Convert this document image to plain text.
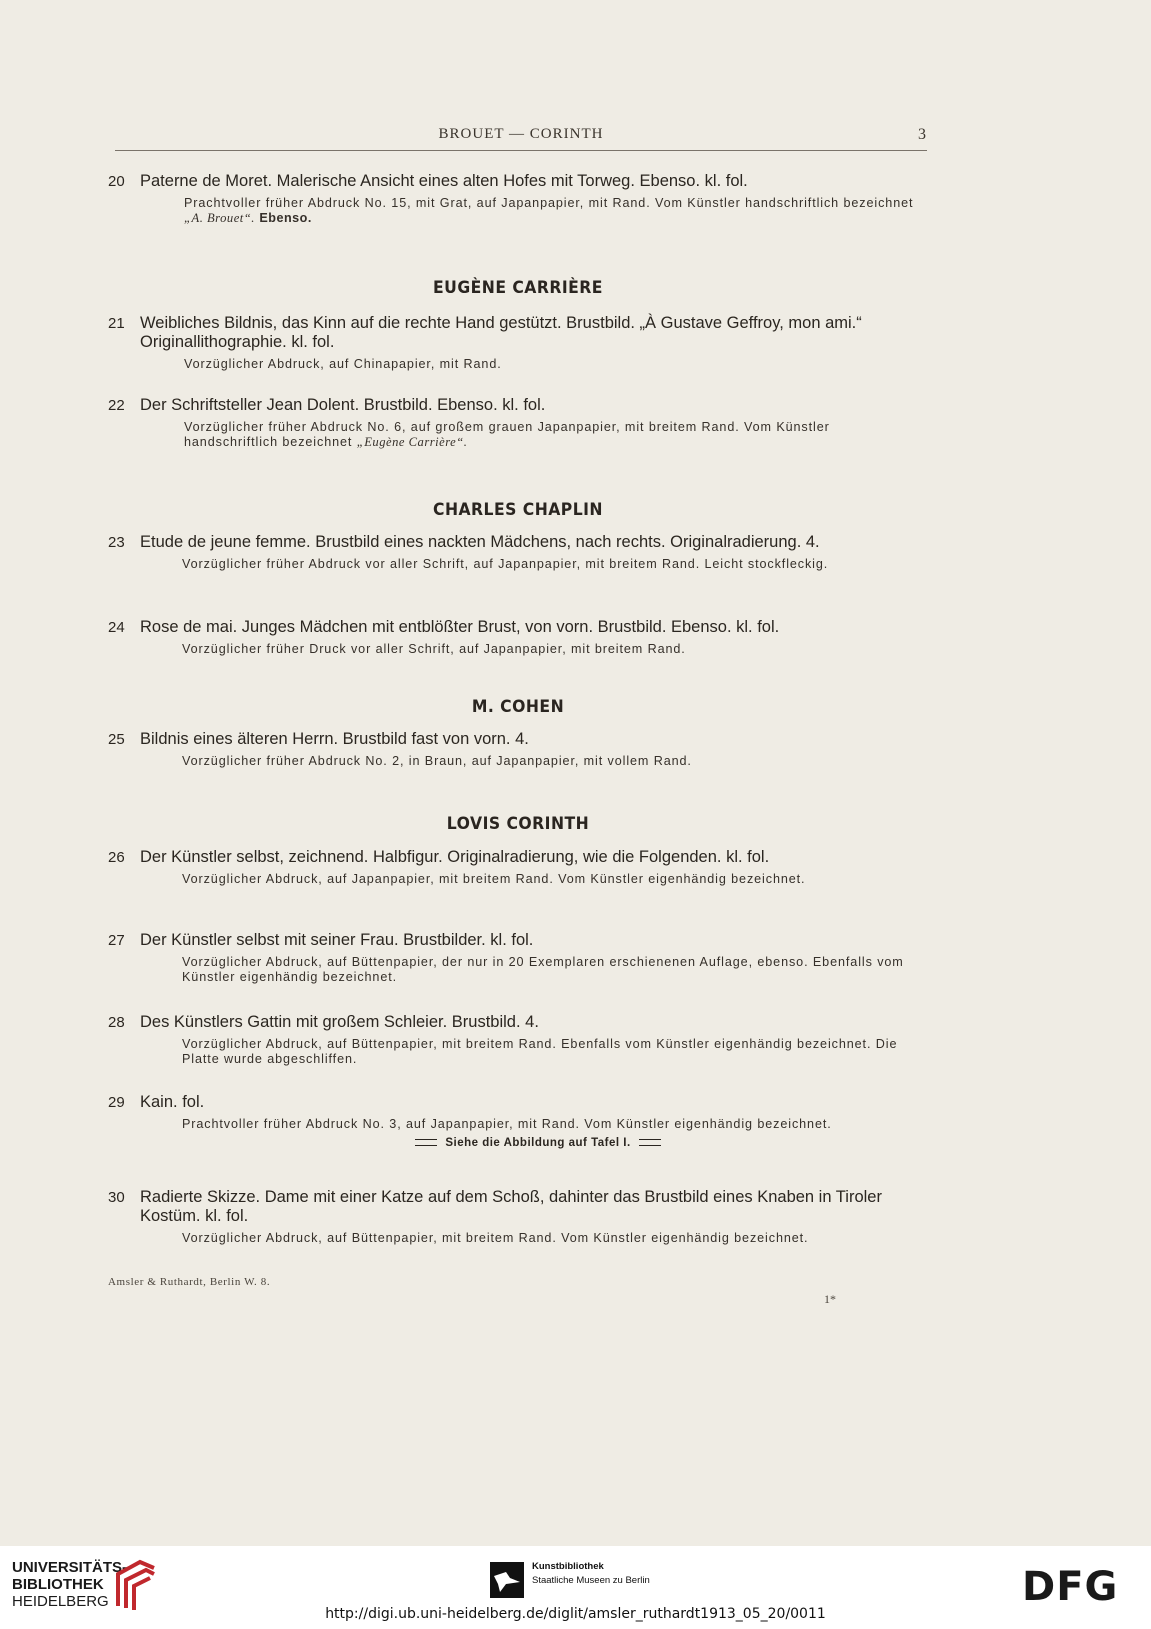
BROUET — CORINTH	3
20 Paterne de Moret. Malerische Ansicht eines alten Hofes mit Torweg. Ebenso. kl. fol.
Prachtvoller früher Abdruck No. 15, mit Grat, auf Japanpapier, mit Rand. Vom Künstler handschriftlich bezeichnet „A. Brouet“. Ebenso.
EUGÈNE CARRIÈRE
21 Weibliches Bildnis, das Kinn auf die rechte Hand gestützt. Brustbild. „À Gustave Geffroy, mon ami.“ Originallithographie. kl. fol.
Vorzüglicher Abdruck, auf Chinapapier, mit Rand.
22 Der Schriftsteller Jean Dolent. Brustbild. Ebenso. kl. fol.
Vorzüglicher früher Abdruck No. 6, auf großem grauen Japanpapier, mit breitem Rand. Vom Künstler handschriftlich bezeichnet „Eugène Carrière“.
CHARLES CHAPLIN
23 Etude de jeune femme. Brustbild eines nackten Mädchens, nach rechts. Originalradierung. 4.
Vorzüglicher früher Abdruck vor aller Schrift, auf Japanpapier, mit breitem Rand. Leicht stockfleckig.
24 Rose de mai. Junges Mädchen mit entblößter Brust, von vorn. Brustbild. Ebenso. kl. fol.
Vorzüglicher früher Druck vor aller Schrift, auf Japanpapier, mit breitem Rand.
M. COHEN
25 Bildnis eines älteren Herrn. Brustbild fast von vorn. 4.
Vorzüglicher früher Abdruck No. 2, in Braun, auf Japanpapier, mit vollem Rand.
LOVIS CORINTH
26 Der Künstler selbst, zeichnend. Halbfigur. Originalradierung, wie die Folgenden. kl. fol.
Vorzüglicher Abdruck, auf Japanpapier, mit breitem Rand. Vom Künstler eigenhändig bezeichnet.
27 Der Künstler selbst mit seiner Frau. Brustbilder. kl. fol.
Vorzüglicher Abdruck, auf Büttenpapier, der nur in 20 Exemplaren erschienenen Auflage, ebenso. Ebenfalls vom Künstler eigenhändig bezeichnet.
28 Des Künstlers Gattin mit großem Schleier. Brustbild. 4.
Vorzüglicher Abdruck, auf Büttenpapier, mit breitem Rand. Ebenfalls vom Künstler eigenhändig bezeichnet. Die Platte wurde abgeschliffen.
29 Kain. fol.
Prachtvoller früher Abdruck No. 3, auf Japanpapier, mit Rand. Vom Künstler eigenhändig bezeichnet.
Siehe die Abbildung auf Tafel I.
30 Radierte Skizze. Dame mit einer Katze auf dem Schoß, dahinter das Brustbild eines Knaben in Tiroler Kostüm. kl. fol.
Vorzüglicher Abdruck, auf Büttenpapier, mit breitem Rand. Vom Künstler eigenhändig bezeichnet.
Amsler & Ruthardt, Berlin W. 8.
1*
UNIVERSITÄTS-
BIBLIOTHEK
HEIDELBERG
Kunstbibliothek
Staatliche Museen zu Berlin	DFG
http://digi.ub.uni-heidelberg.de/diglit/amsler_ruthardt1913_05_20/0011
